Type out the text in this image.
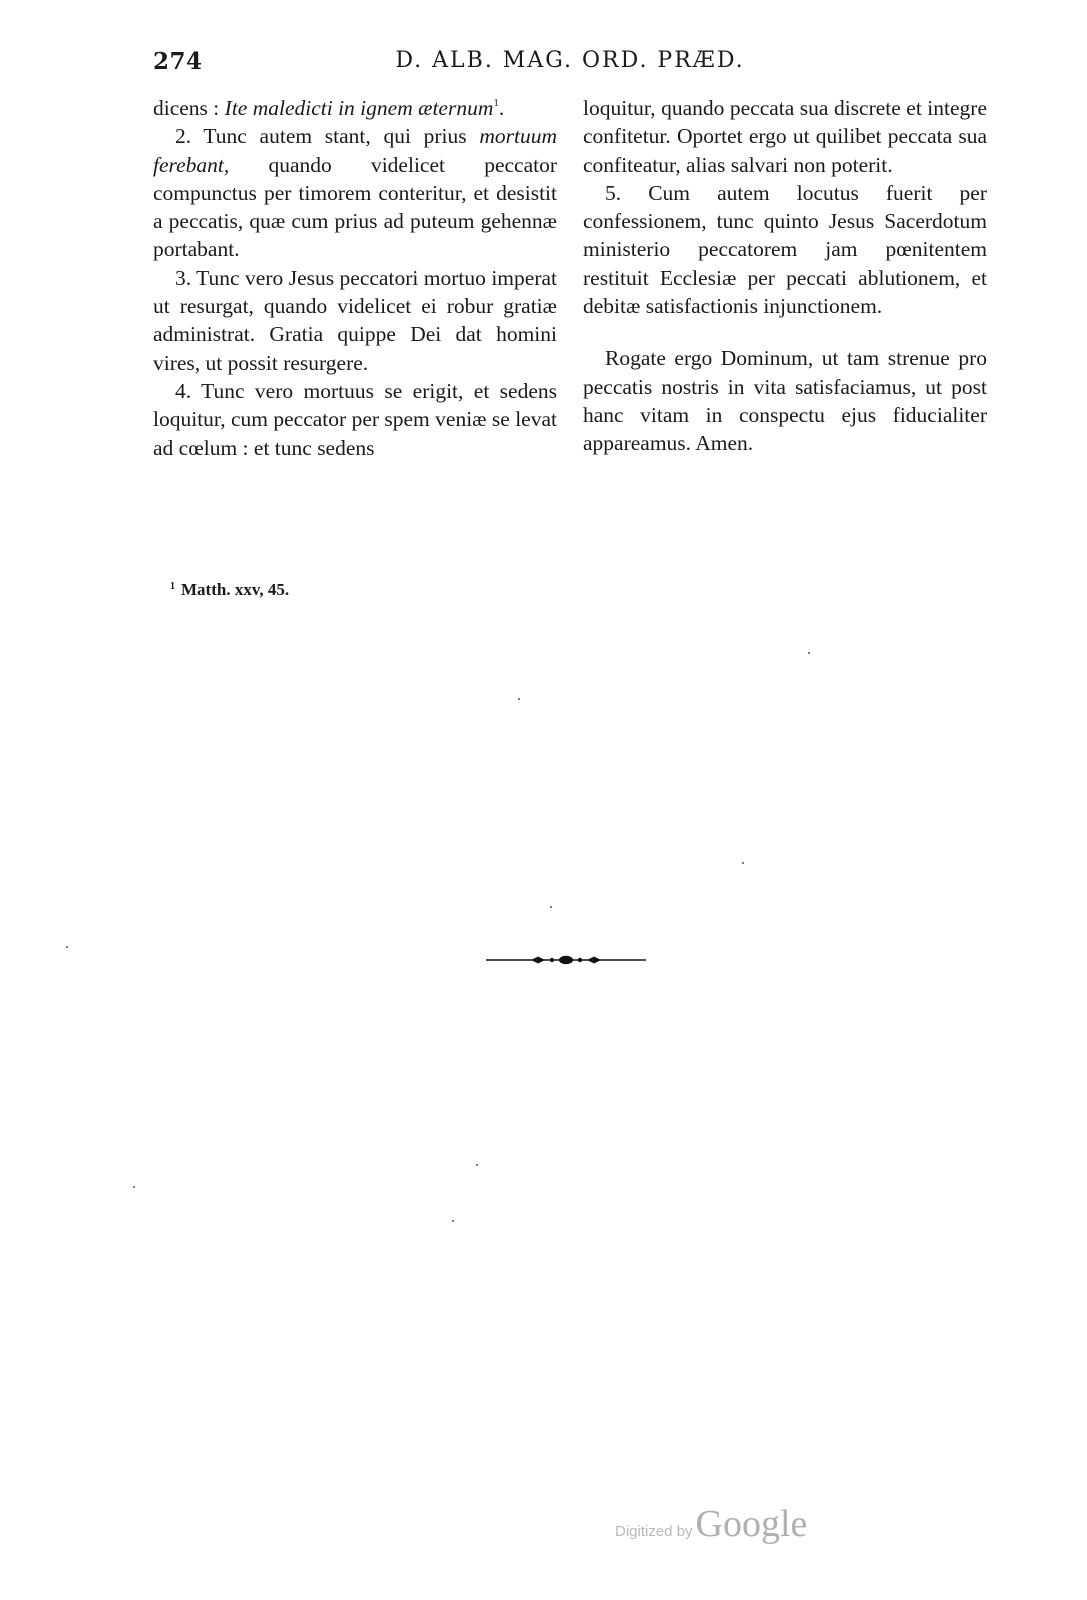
274	D. ALB. MAG. ORD. PRÆD.

dicens : Ite maledicti in ignem æternum$^1$.

2. Tunc autem stant, qui prius mortuum ferebant, quando videlicet peccator compunctus per timorem conteritur, et desistit a peccatis, quæ cum prius ad puteum gehennæ portabant.

3. Tunc vero Jesus peccatori mortuo imperat ut resurgat, quando videlicet ei robur gratiæ administrat. Gratia quippe Dei dat homini vires, ut possit resurgere.

4. Tunc vero mortuus se erigit, et sedens loquitur, cum peccator per spem veniæ se levat ad cœlum : et tunc sedens

loquitur, quando peccata sua discrete et integre confitetur. Oportet ergo ut quilibet peccata sua confiteatur, alias salvari non poterit.

5. Cum autem locutus fuerit per confessionem, tunc quinto Jesus Sacerdotum ministerio peccatorem jam pœnitentem restituit Ecclesiæ per peccati ablutionem, et debitæ satisfactionis injunctionem.

Rogate ergo Dominum, ut tam strenue pro peccatis nostris in vita satisfaciamus, ut post hanc vitam in conspectu ejus fiducialiter appareamus. Amen.

$^1$ Matth. xxv, 45.
Digitized by Google
